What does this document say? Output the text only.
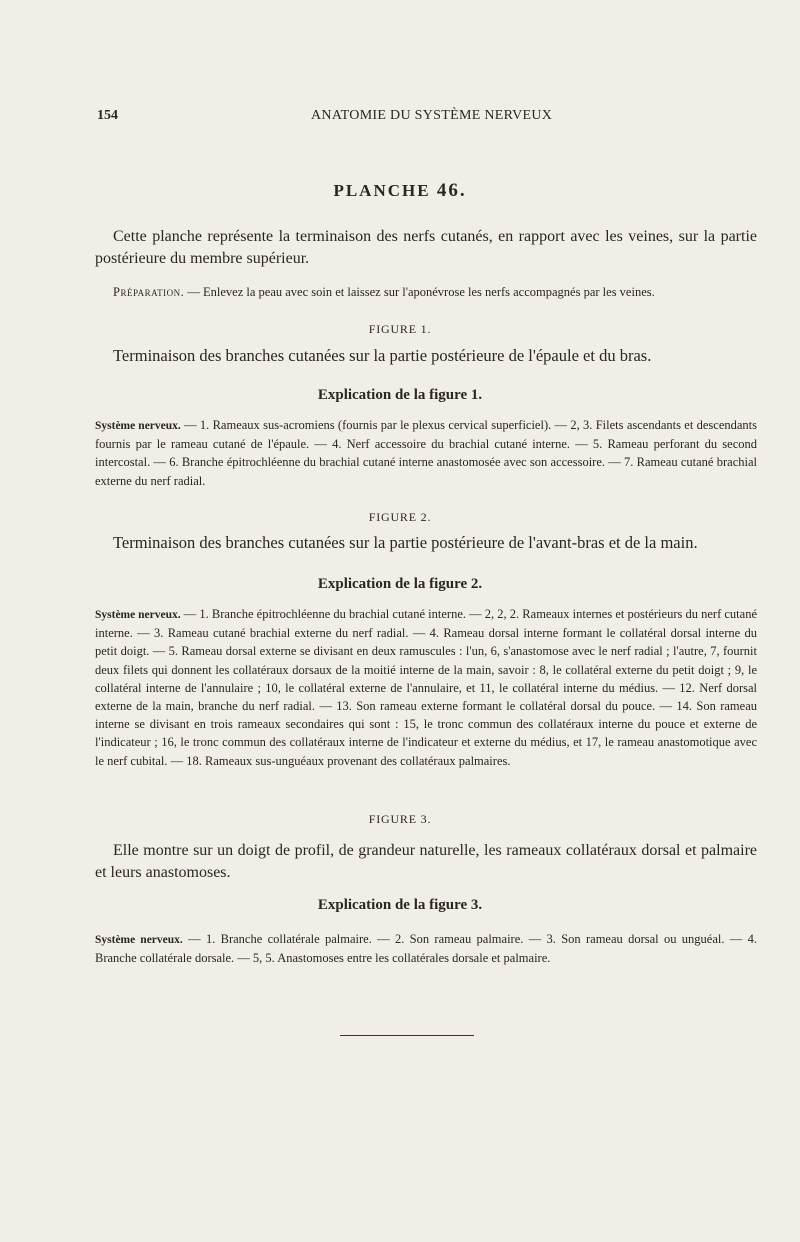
154	ANATOMIE DU SYSTÈME NERVEUX
PLANCHE 46.
Cette planche représente la terminaison des nerfs cutanés, en rapport avec les veines, sur la partie postérieure du membre supérieur.
Préparation. — Enlevez la peau avec soin et laissez sur l'aponévrose les nerfs accompagnés par les veines.
FIGURE 1.
Terminaison des branches cutanées sur la partie postérieure de l'épaule et du bras.
Explication de la figure 1.
Système nerveux. — 1. Rameaux sus-acromiens (fournis par le plexus cervical superficiel). — 2, 3. Filets ascendants et descendants fournis par le rameau cutané de l'épaule. — 4. Nerf accessoire du brachial cutané interne. — 5. Rameau perforant du second intercostal. — 6. Branche épitrochléenne du brachial cutané interne anastomosée avec son accessoire. — 7. Rameau cutané brachial externe du nerf radial.
FIGURE 2.
Terminaison des branches cutanées sur la partie postérieure de l'avant-bras et de la main.
Explication de la figure 2.
Système nerveux. — 1. Branche épitrochléenne du brachial cutané interne. — 2, 2, 2. Rameaux internes et postérieurs du nerf cutané interne. — 3. Rameau cutané brachial externe du nerf radial. — 4. Rameau dorsal interne formant le collatéral dorsal interne du petit doigt. — 5. Rameau dorsal externe se divisant en deux ramuscules : l'un, 6, s'anastomose avec le nerf radial ; l'autre, 7, fournit deux filets qui donnent les collatéraux dorsaux de la moitié interne de la main, savoir : 8, le collatéral externe du petit doigt ; 9, le collatéral interne de l'annulaire ; 10, le collatéral externe de l'annulaire, et 11, le collatéral interne du médius. — 12. Nerf dorsal externe de la main, branche du nerf radial. — 13. Son rameau externe formant le collatéral dorsal du pouce. — 14. Son rameau interne se divisant en trois rameaux secondaires qui sont : 15, le tronc commun des collatéraux interne du pouce et externe de l'indicateur ; 16, le tronc commun des collatéraux interne de l'indicateur et externe du médius, et 17, le rameau anastomotique avec le nerf cubital. — 18. Rameaux sus-unguéaux provenant des collatéraux palmaires.
FIGURE 3.
Elle montre sur un doigt de profil, de grandeur naturelle, les rameaux collatéraux dorsal et palmaire et leurs anastomoses.
Explication de la figure 3.
Système nerveux. — 1. Branche collatérale palmaire. — 2. Son rameau palmaire. — 3. Son rameau dorsal ou unguéal. — 4. Branche collatérale dorsale. — 5, 5. Anastomoses entre les collatérales dorsale et palmaire.
